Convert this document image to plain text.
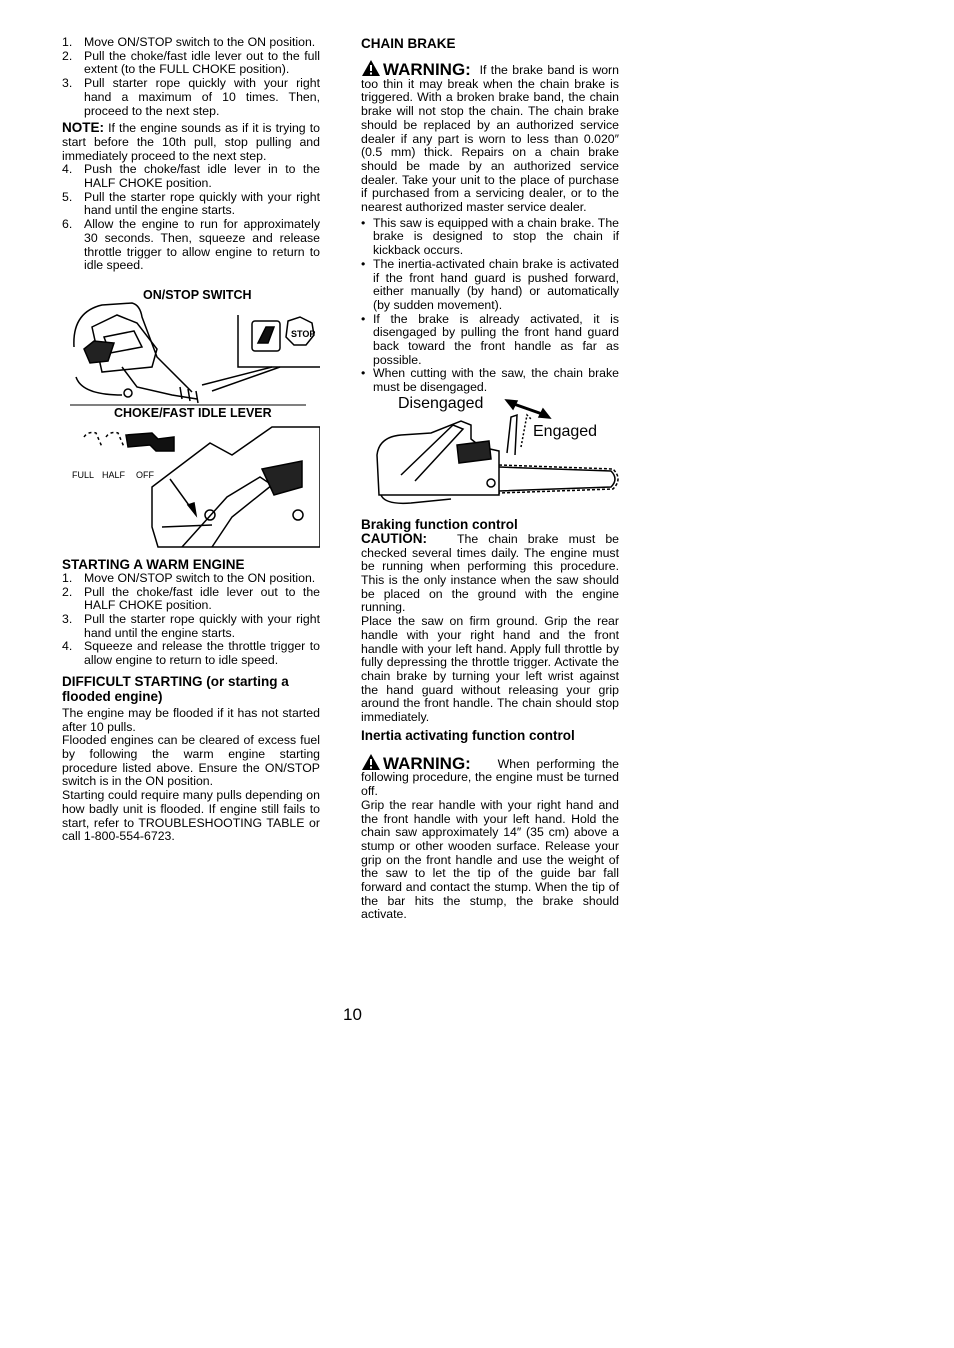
1. Move ON/STOP switch to the ON position.
2. Pull the choke/fast idle lever out to the full extent (to the FULL CHOKE position).
3. Pull starter rope quickly with your right hand a maximum of 10 times. Then, proceed to the next step.

NOTE: If the engine sounds as if it is trying to start before the 10th pull, stop pulling and immediately proceed to the next step.

4. Push the choke/fast idle lever in to the HALF CHOKE position.
5. Pull the starter rope quickly with your right hand until the engine starts.
6. Allow the engine to run for approximately 30 seconds. Then, squeeze and release throttle trigger to allow engine to return to idle speed.
ON/STOP SWITCH
STOP
CHOKE/FAST IDLE LEVER
FULL HALF OFF
STARTING A WARM ENGINE
1. Move ON/STOP switch to the ON position.
2. Pull the choke/fast idle lever out to the HALF CHOKE position.
3. Pull the starter rope quickly with your right hand until the engine starts.
4. Squeeze and release the throttle trigger to allow engine to return to idle speed.
DIFFICULT STARTING (or starting a flooded engine)

The engine may be flooded if it has not started after 10 pulls.

Flooded engines can be cleared of excess fuel by following the warm engine starting procedure listed above. Ensure the ON/STOP switch is in the ON position.

Starting could require many pulls depending on how badly unit is flooded. If engine still fails to start, refer to TROUBLESHOOTING TABLE or call 1-800-554-6723.

CHAIN BRAKE

WARNING: If the brake band is worn too thin it may break when the chain brake is triggered. With a broken brake band, the chain brake will not stop the chain. The chain brake should be replaced by an authorized service dealer if any part is worn to less than 0.020″ (0.5 mm) thick. Repairs on a chain brake should be made by an authorized service dealer. Take your unit to the place of purchase if purchased from a servicing dealer, or to the nearest authorized master service dealer.

• This saw is equipped with a chain brake. The brake is designed to stop the chain if kickback occurs.
• The inertia-activated chain brake is activated if the front hand guard is pushed forward, either manually (by hand) or automatically (by sudden movement).
• If the brake is already activated, it is disengaged by pulling the front hand guard back toward the front handle as far as possible.
• When cutting with the saw, the chain brake must be disengaged.
Disengaged
Engaged
Braking function control

CAUTION: The chain brake must be checked several times daily. The engine must be running when performing this procedure. This is the only instance when the saw should be placed on the ground with the engine running.

Place the saw on firm ground. Grip the rear handle with your right hand and the front handle with your left hand. Apply full throttle by fully depressing the throttle trigger. Activate the chain brake by turning your left wrist against the hand guard without releasing your grip around the front handle. The chain should stop immediately.

Inertia activating function control

WARNING: When performing the following procedure, the engine must be turned off.

Grip the rear handle with your right hand and the front handle with your left hand. Hold the chain saw approximately 14″ (35 cm) above a stump or other wooden surface. Release your grip on the front handle and use the weight of the saw to let the tip of the guide bar fall forward and contact the stump. When the tip of the bar hits the stump, the brake should activate.

10
